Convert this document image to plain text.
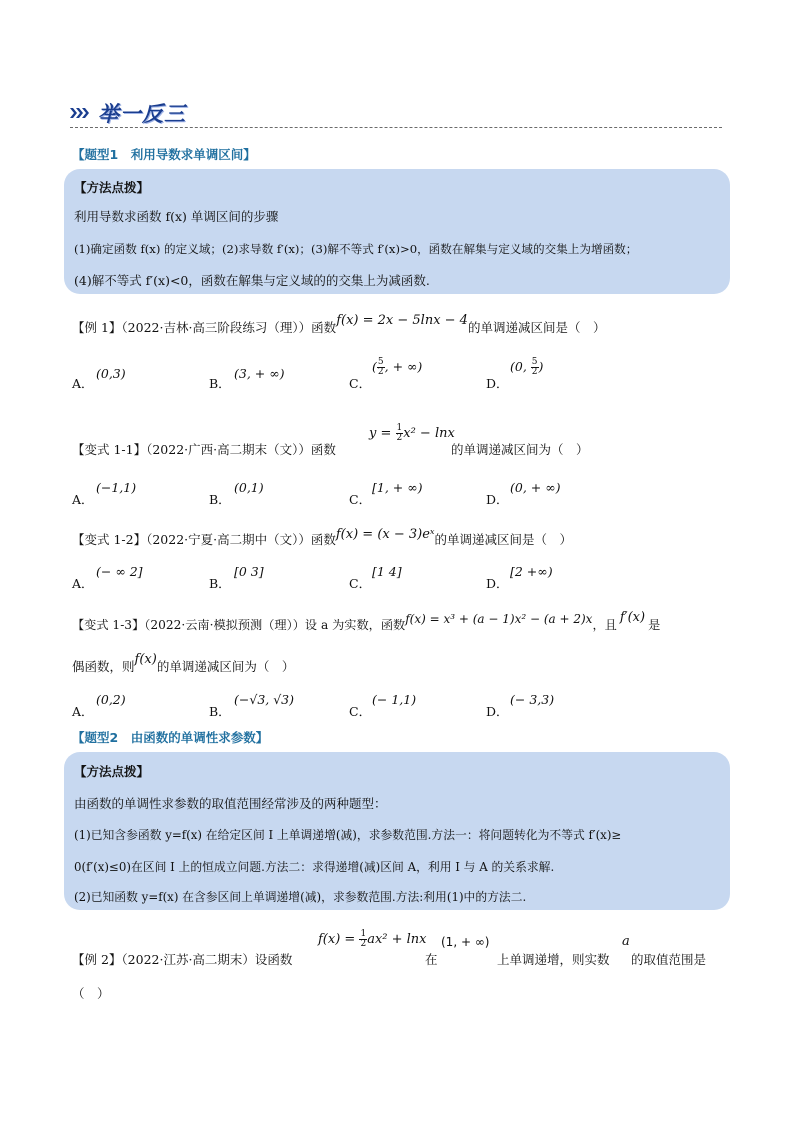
举一反三
【题型1　利用导数求单调区间】
【方法点拨】
利用导数求函数 f(x) 单调区间的步骤
(1)确定函数 f(x) 的定义域；(2)求导数 f′(x)；(3)解不等式 f′(x)>0，函数在解集与定义域的交集上为增函数；
(4)解不等式 f′(x)<0，函数在解集与定义域的的交集上为减函数.
【例 1】（2022·吉林·高三阶段练习（理））函数f(x) = 2x − 5lnx − 4的单调递减区间是（　）
A．
(0,3)
B．
(3, + ∞)
C．
( $\frac{5}{2}$ , + ∞)
D．
(0, $\frac{5}{2}$ )
$y = \frac{1}{2} x^2 - \ln x$
【变式 1-1】（2022·广西·高二期末（文））函数	的单调递减区间为（　）
A．
(−1,1)
B．
(0,1)
C．
[1, + ∞)
D．
(0, + ∞)
【变式 1-2】（2022·宁夏·高二期中（文））函数f(x) = (x − 3)eˣ的单调递减区间是（　）
A．
(− ∞ 2]
B．
[0 3]
C．
[1 4]
D．
[2 +∞)
【变式 1-3】（2022·云南·模拟预测（理））设 a 为实数，函数f(x) = x³ + (a − 1)x² − (a + 2)x，且 f′(x) 是
偶函数，则f(x)的单调递减区间为（　）
A．
(0,2)
B．
(−√3, √3)
C．
(− 1,1)
D．
(− 3,3)
【题型2　由函数的单调性求参数】
【方法点拨】
由函数的单调性求参数的取值范围经常涉及的两种题型：
(1)已知含参函数 y=f(x) 在给定区间 I 上单调递增(减)，求参数范围.方法一：将问题转化为不等式 f′(x)≥
0(f′(x)≤0)在区间 I 上的恒成立问题.方法二：求得递增(减)区间 A，利用 I 与 A 的关系求解.
(2)已知函数 y=f(x) 在含参区间上单调递增(减)，求参数范围.方法:利用(1)中的方法二.
$f(x) = \frac{1}{2} ax^2 + \ln x$
【例 2】（2022·江苏·高二期末）设函数	在
(1, + ∞)
上单调递增，则实数
a
的取值范围是
（　）
